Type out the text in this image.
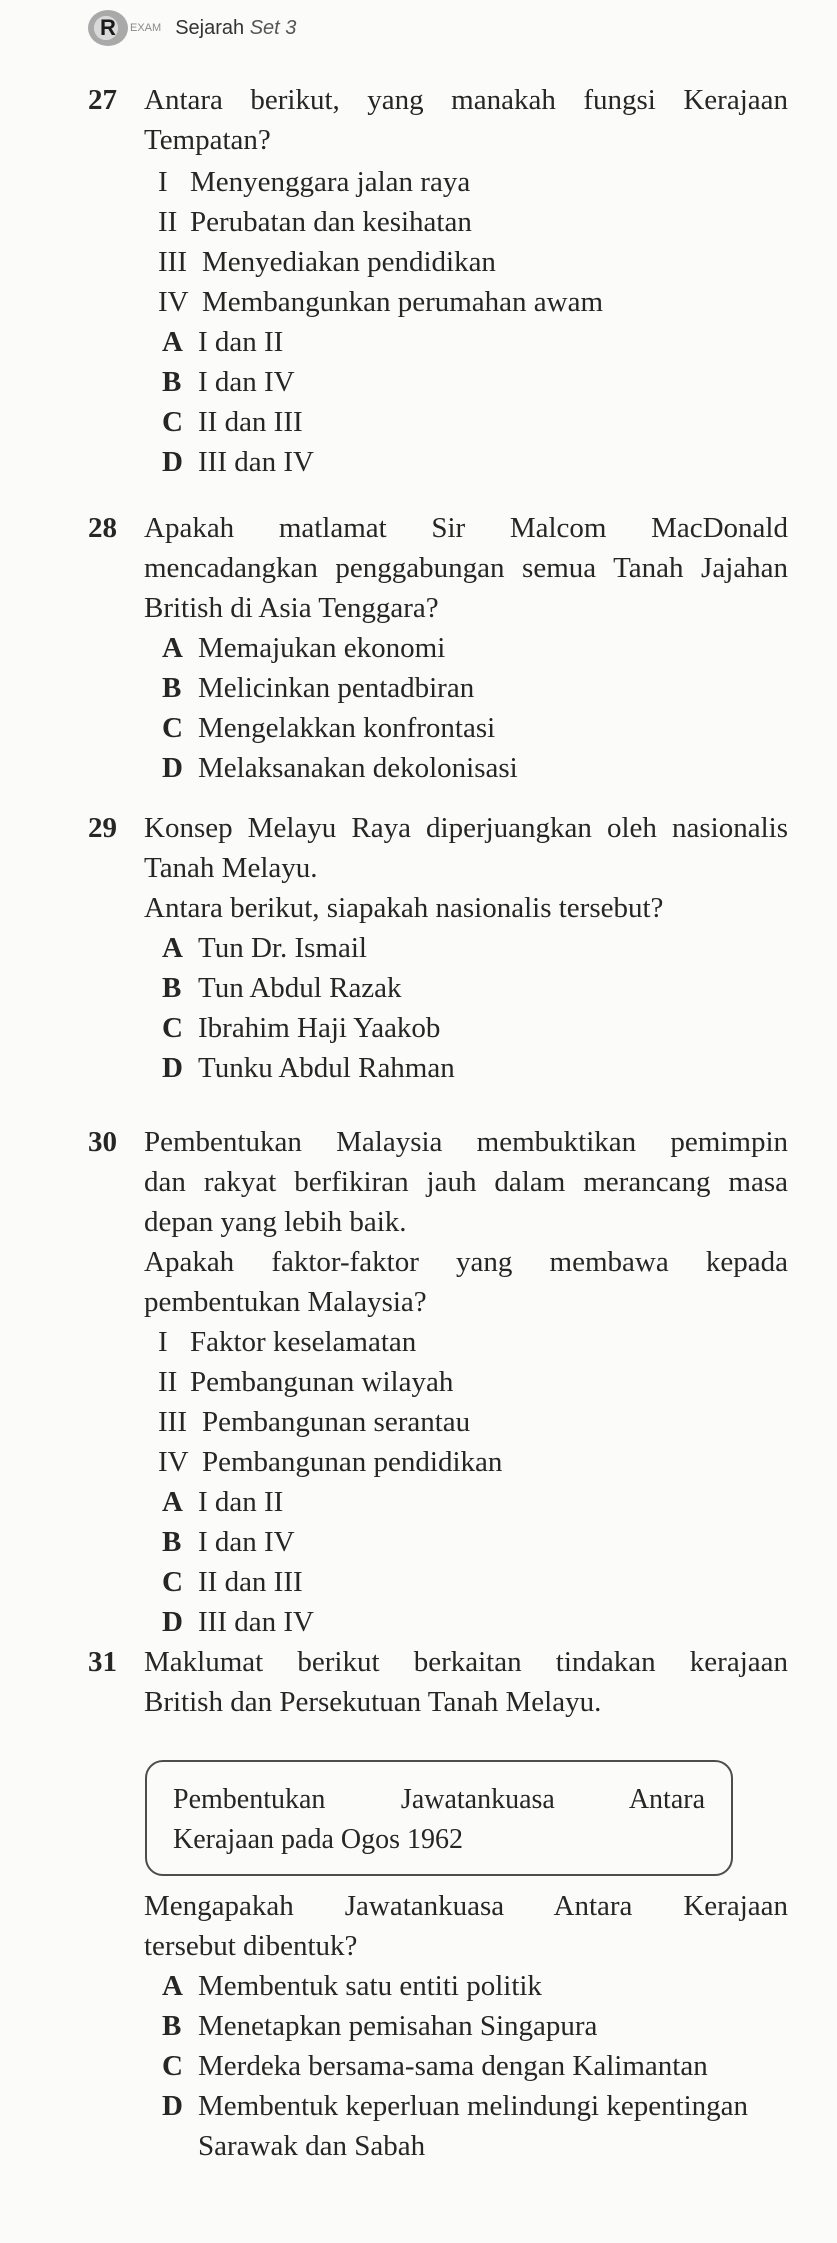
R EXAM Sejarah Set 3
27 Antara berikut, yang manakah fungsi Kerajaan
Tempatan?
I Menyenggara jalan raya
II Perubatan dan kesihatan
III Menyediakan pendidikan
IV Membangunkan perumahan awam
A I dan II
B I dan IV
C II dan III
D III dan IV
28 Apakah matlamat Sir Malcom MacDonald
mencadangkan penggabungan semua Tanah Jajahan
British di Asia Tenggara?
A Memajukan ekonomi
B Melicinkan pentadbiran
C Mengelakkan konfrontasi
D Melaksanakan dekolonisasi
29 Konsep Melayu Raya diperjuangkan oleh nasionalis
Tanah Melayu.
Antara berikut, siapakah nasionalis tersebut?
A Tun Dr. Ismail
B Tun Abdul Razak
C Ibrahim Haji Yaakob
D Tunku Abdul Rahman
30 Pembentukan Malaysia membuktikan pemimpin
dan rakyat berfikiran jauh dalam merancang masa
depan yang lebih baik.
Apakah faktor-faktor yang membawa kepada
pembentukan Malaysia?
I Faktor keselamatan
II Pembangunan wilayah
III Pembangunan serantau
IV Pembangunan pendidikan
A I dan II
B I dan IV
C II dan III
D III dan IV
31 Maklumat berikut berkaitan tindakan kerajaan
British dan Persekutuan Tanah Melayu.
Pembentukan Jawatankuasa Antara
Kerajaan pada Ogos 1962
Mengapakah Jawatankuasa Antara Kerajaan
tersebut dibentuk?
A Membentuk satu entiti politik
B Menetapkan pemisahan Singapura
C Merdeka bersama-sama dengan Kalimantan
D Membentuk keperluan melindungi kepentingan
Sarawak dan Sabah
